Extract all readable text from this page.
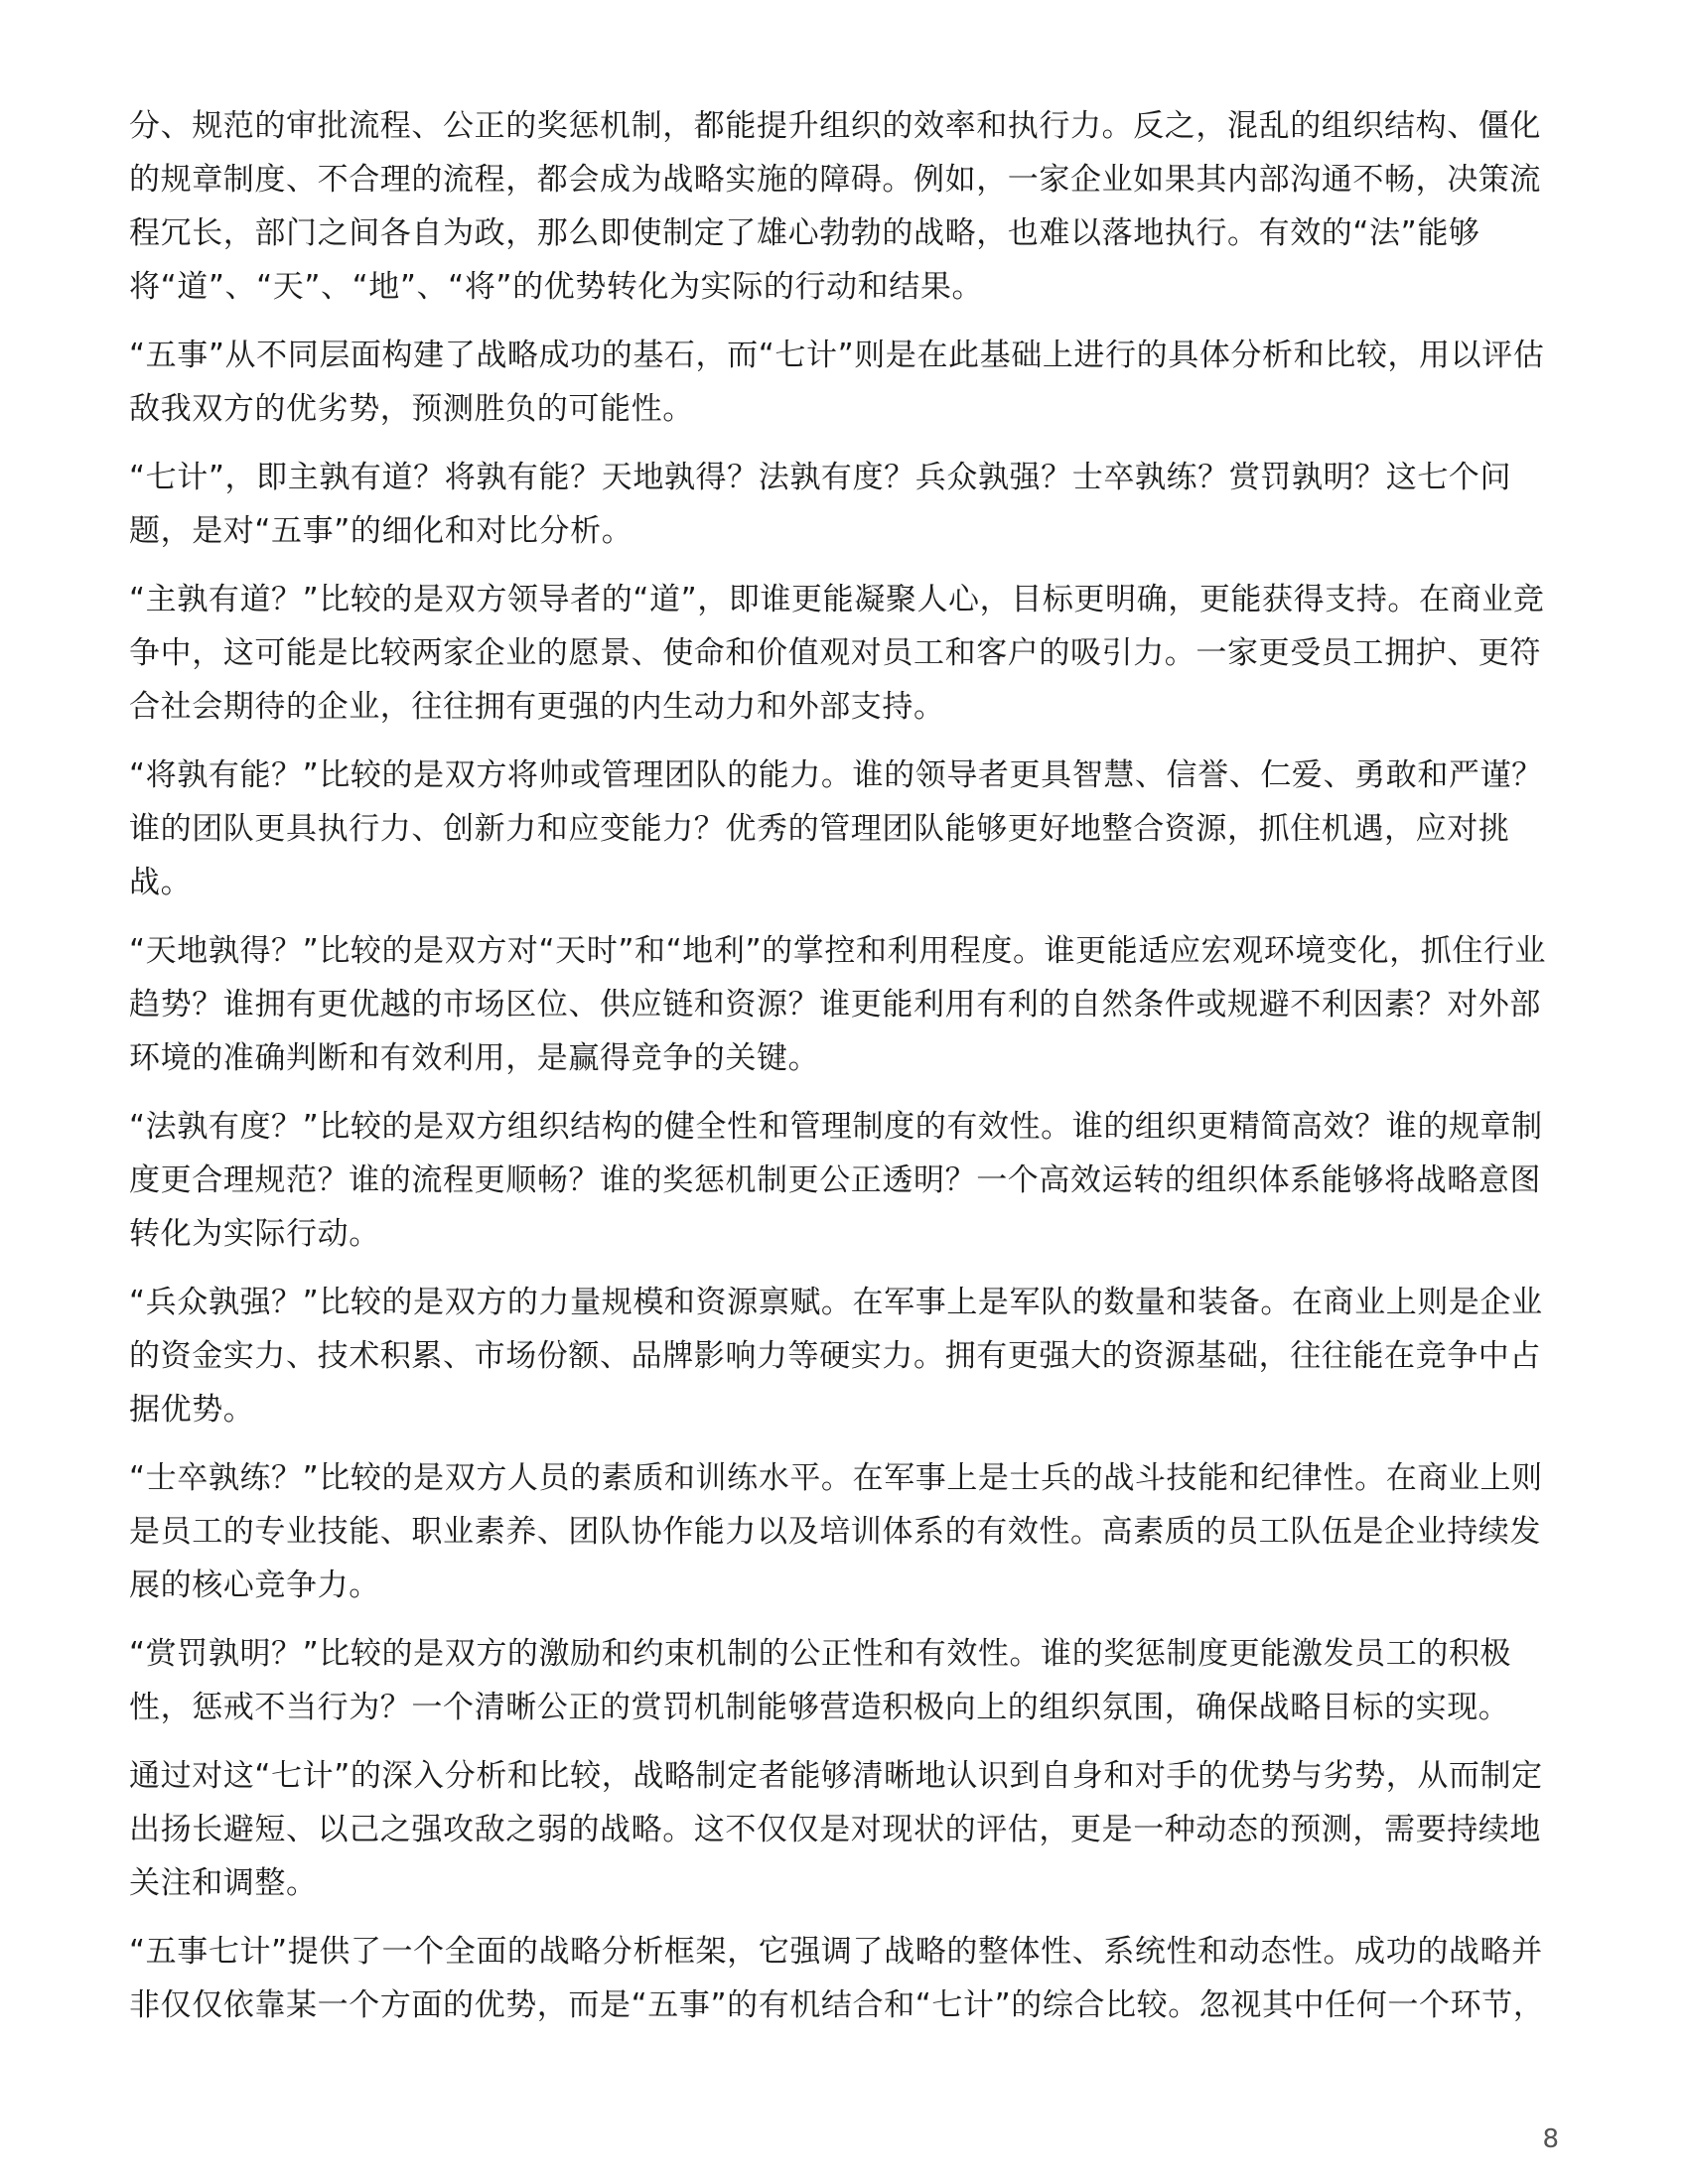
分、规范的审批流程、公正的奖惩机制，都能提升组织的效率和执行力。反之，混乱的组织结构、僵化的规章制度、不合理的流程，都会成为战略实施的障碍。例如，一家企业如果其内部沟通不畅，决策流程冗长，部门之间各自为政，那么即使制定了雄心勃勃的战略，也难以落地执行。有效的“法”能够将“道”、“天”、“地”、“将”的优势转化为实际的行动和结果。

“五事”从不同层面构建了战略成功的基石，而“七计”则是在此基础上进行的具体分析和比较，用以评估敌我双方的优劣势，预测胜负的可能性。

“七计”，即主孰有道？将孰有能？天地孰得？法孰有度？兵众孰强？士卒孰练？赏罚孰明？这七个问题，是对“五事”的细化和对比分析。

“主孰有道？”比较的是双方领导者的“道”，即谁更能凝聚人心，目标更明确，更能获得支持。在商业竞争中，这可能是比较两家企业的愿景、使命和价值观对员工和客户的吸引力。一家更受员工拥护、更符合社会期待的企业，往往拥有更强的内生动力和外部支持。

“将孰有能？”比较的是双方将帅或管理团队的能力。谁的领导者更具智慧、信誉、仁爱、勇敢和严谨？谁的团队更具执行力、创新力和应变能力？优秀的管理团队能够更好地整合资源，抓住机遇，应对挑战。

“天地孰得？”比较的是双方对“天时”和“地利”的掌控和利用程度。谁更能适应宏观环境变化，抓住行业趋势？谁拥有更优越的市场区位、供应链和资源？谁更能利用有利的自然条件或规避不利因素？对外部环境的准确判断和有效利用，是赢得竞争的关键。

“法孰有度？”比较的是双方组织结构的健全性和管理制度的有效性。谁的组织更精简高效？谁的规章制度更合理规范？谁的流程更顺畅？谁的奖惩机制更公正透明？一个高效运转的组织体系能够将战略意图转化为实际行动。

“兵众孰强？”比较的是双方的力量规模和资源禀赋。在军事上是军队的数量和装备。在商业上则是企业的资金实力、技术积累、市场份额、品牌影响力等硬实力。拥有更强大的资源基础，往往能在竞争中占据优势。

“士卒孰练？”比较的是双方人员的素质和训练水平。在军事上是士兵的战斗技能和纪律性。在商业上则是员工的专业技能、职业素养、团队协作能力以及培训体系的有效性。高素质的员工队伍是企业持续发展的核心竞争力。

“赏罚孰明？”比较的是双方的激励和约束机制的公正性和有效性。谁的奖惩制度更能激发员工的积极性，惩戒不当行为？一个清晰公正的赏罚机制能够营造积极向上的组织氛围，确保战略目标的实现。

通过对这“七计”的深入分析和比较，战略制定者能够清晰地认识到自身和对手的优势与劣势，从而制定出扬长避短、以己之强攻敌之弱的战略。这不仅仅是对现状的评估，更是一种动态的预测，需要持续地关注和调整。

“五事七计”提供了一个全面的战略分析框架，它强调了战略的整体性、系统性和动态性。成功的战略并非仅仅依靠某一个方面的优势，而是“五事”的有机结合和“七计”的综合比较。忽视其中任何一个环节，

8
